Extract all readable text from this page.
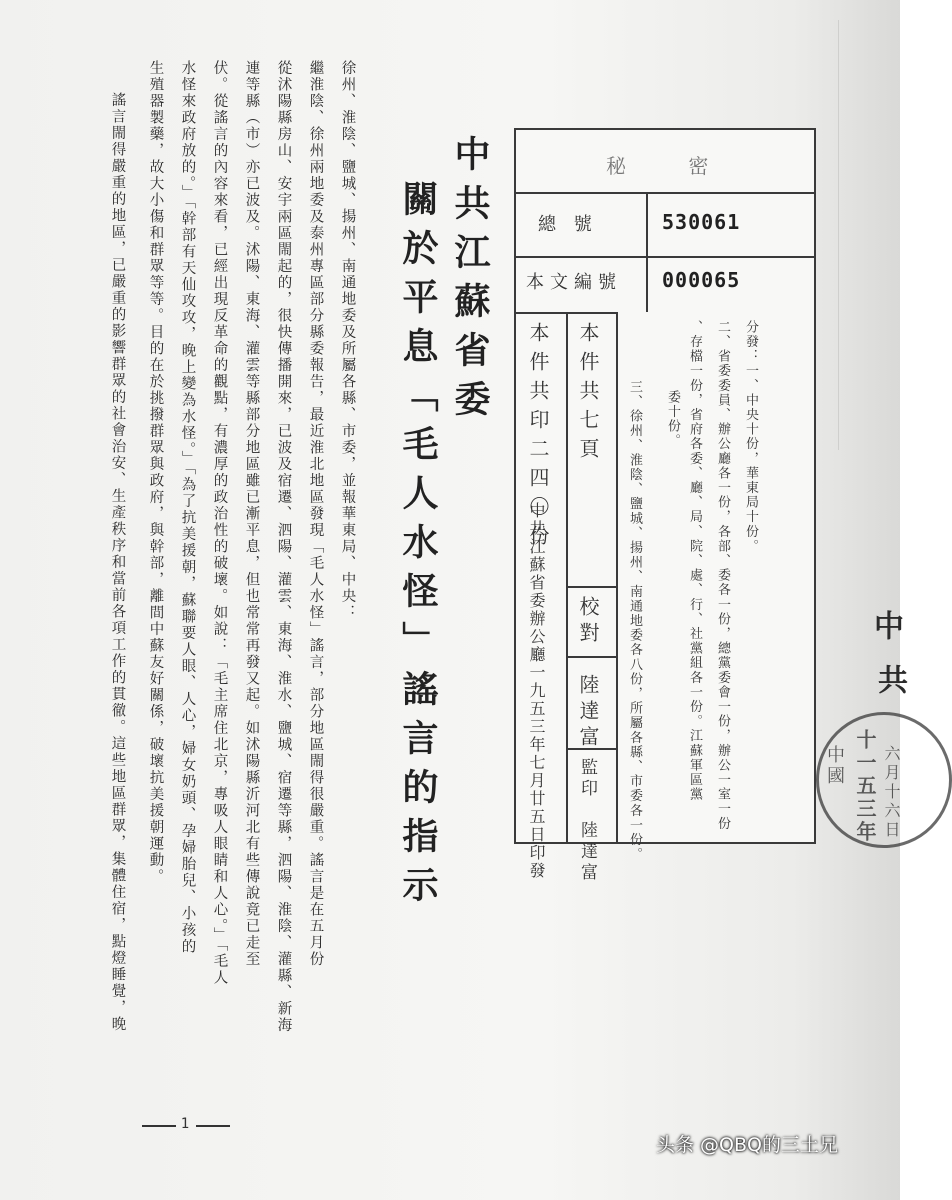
徐州、淮陰、鹽城、揚州、南通地委及所屬各縣、市委，並報華東局、中央：
繼淮陰、徐州兩地委及泰州專區部分縣委報告，最近淮北地區發現「毛人水怪」謠言，部分地區閙得很嚴重。謠言是在五月份
從沭陽縣房山、安宇兩區閙起的，很快傳播開來，已波及宿遷、泗陽、灌雲、東海、淮水、鹽城、宿遷等縣，泗陽、淮陰、灌縣、新海
連等縣（市）亦已波及。沭陽、東海、灌雲等縣部分地區雖已漸平息，但也常常再發又起。如沭陽縣沂河北有些傳說竟已走至
伏。從謠言的內容來看，已經出現反革命的觀點，有濃厚的政治性的破壞。如說：「毛主席住北京，專吸人眼睛和人心。」「毛人
水怪來政府放的。」「幹部有天仙攻攻，晚上變為水怪。」「為了抗美援朝，蘇聯要人眼、人心，婦女奶頭、孕婦胎兒、小孩的
生殖器製藥，故大小傷和群眾等等。目的在於挑撥群眾與政府，與幹部，離間中蘇友好關係，破壞抗美援朝運動。
謠言閙得嚴重的地區，已嚴重的影響群眾的社會治安、生產秩序和當前各項工作的貫徹。這些地區群眾，集體住宿，點燈睡覺，晚	中共江蘇省委
關於平息「毛人水怪」謠言的指示
秘 密
總 號	530061
本文編號 000065
本件共七頁
本件共印二四〇份
校對　陸達富
監印　陸達富
中共江蘇省委辦公廳一九五三年七月廿五日印發
分發：一、中央十份，華東局十份。
二、省委委員、辦公廳各一份，各部、委各一份，總黨委會一份，辦公一室一份
、存檔一份，省府各委、廳、局、院、處、行、社黨組各一份。江蘇軍區黨
委十份。
三、徐州、淮陰、鹽城、揚州、南通地委各八份，所屬各縣、市委各一份。	中
共
中國 十一五三年 六月十六日
1
头条 @QBQ的三土兄
